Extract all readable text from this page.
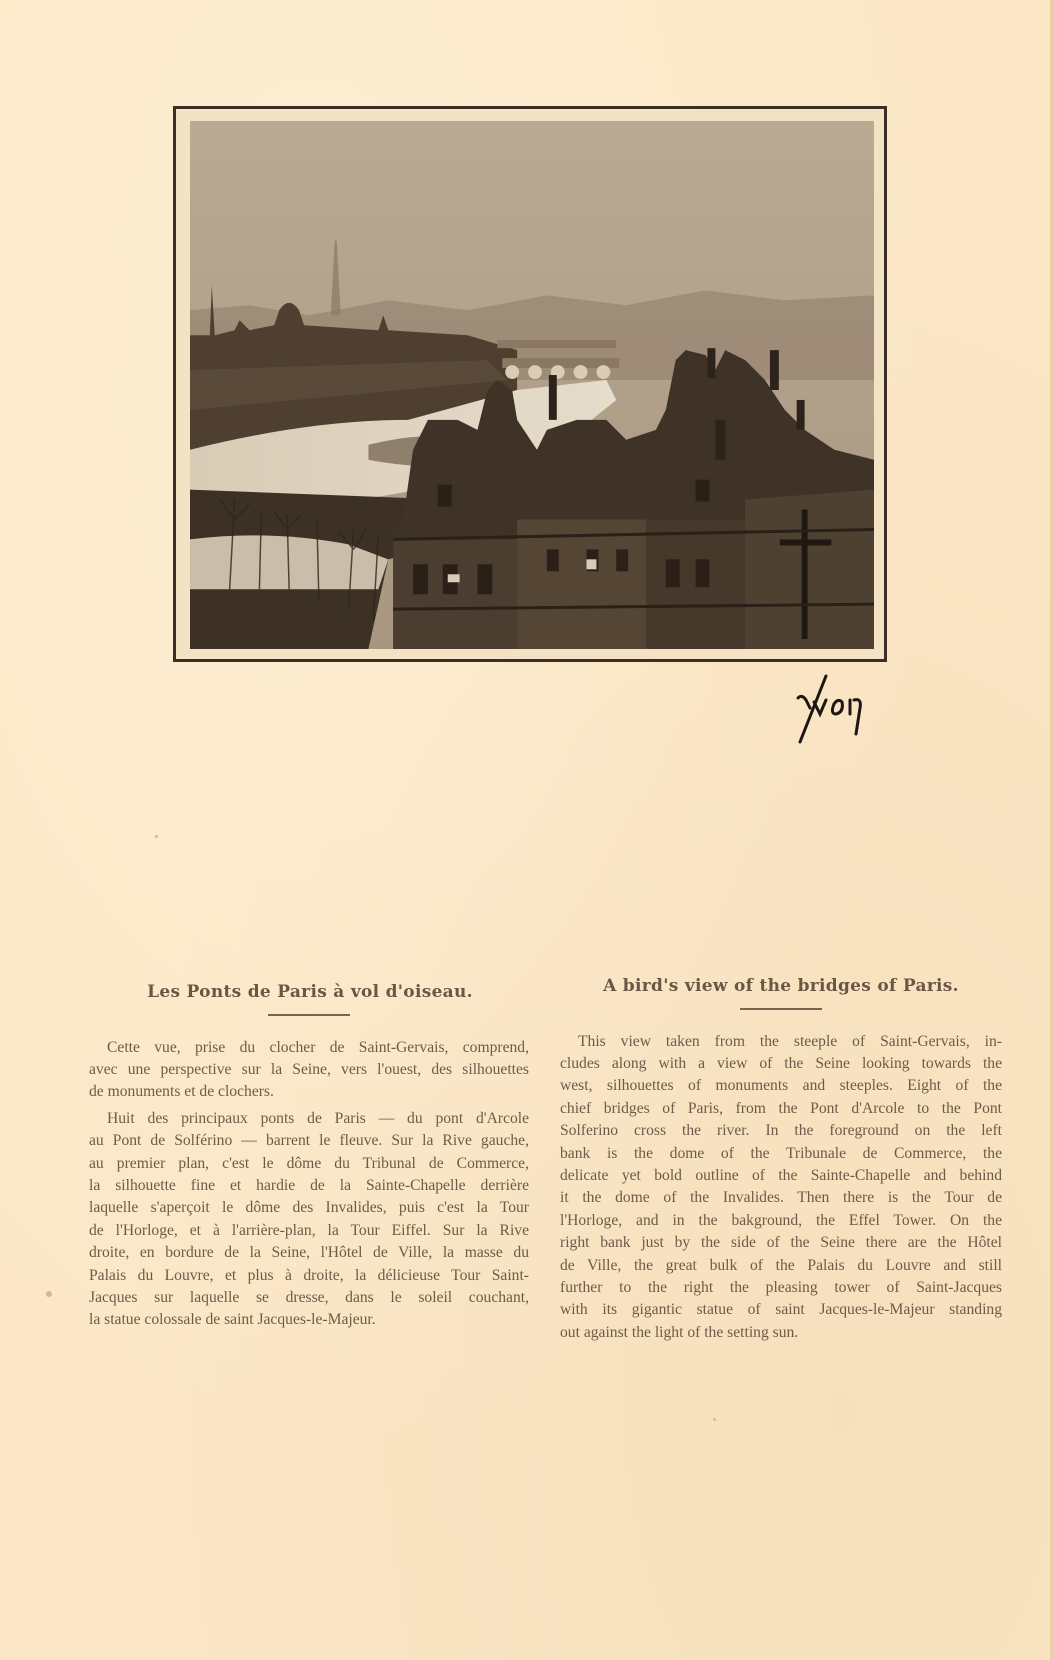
Les Ponts de Paris à vol d'oiseau.
Cette vue, prise du clocher de Saint-Gervais, comprend,
avec une perspective sur la Seine, vers l'ouest, des silhouettes
de monuments et de clochers.
Huit des principaux ponts de Paris — du pont d'Arcole
au Pont de Solférino — barrent le fleuve. Sur la Rive gauche,
au premier plan, c'est le dôme du Tribunal de Commerce,
la silhouette fine et hardie de la Sainte-Chapelle derrière
laquelle s'aperçoit le dôme des Invalides, puis c'est la Tour
de l'Horloge, et à l'arrière-plan, la Tour Eiffel. Sur la Rive
droite, en bordure de la Seine, l'Hôtel de Ville, la masse du
Palais du Louvre, et plus à droite, la délicieuse Tour Saint-
Jacques sur laquelle se dresse, dans le soleil couchant,
la statue colossale de saint Jacques-le-Majeur.
A bird's view of the bridges of Paris.
This view taken from the steeple of Saint-Gervais, in-
cludes along with a view of the Seine looking towards the
west, silhouettes of monuments and steeples. Eight of the
chief bridges of Paris, from the Pont d'Arcole to the Pont
Solferino cross the river. In the foreground on the left
bank is the dome of the Tribunale de Commerce, the
delicate yet bold outline of the Sainte-Chapelle and behind
it the dome of the Invalides. Then there is the Tour de
l'Horloge, and in the bakground, the Effel Tower. On the
right bank just by the side of the Seine there are the Hôtel
de Ville, the great bulk of the Palais du Louvre and still
further to the right the pleasing tower of Saint-Jacques
with its gigantic statue of saint Jacques-le-Majeur standing
out against the light of the setting sun.
